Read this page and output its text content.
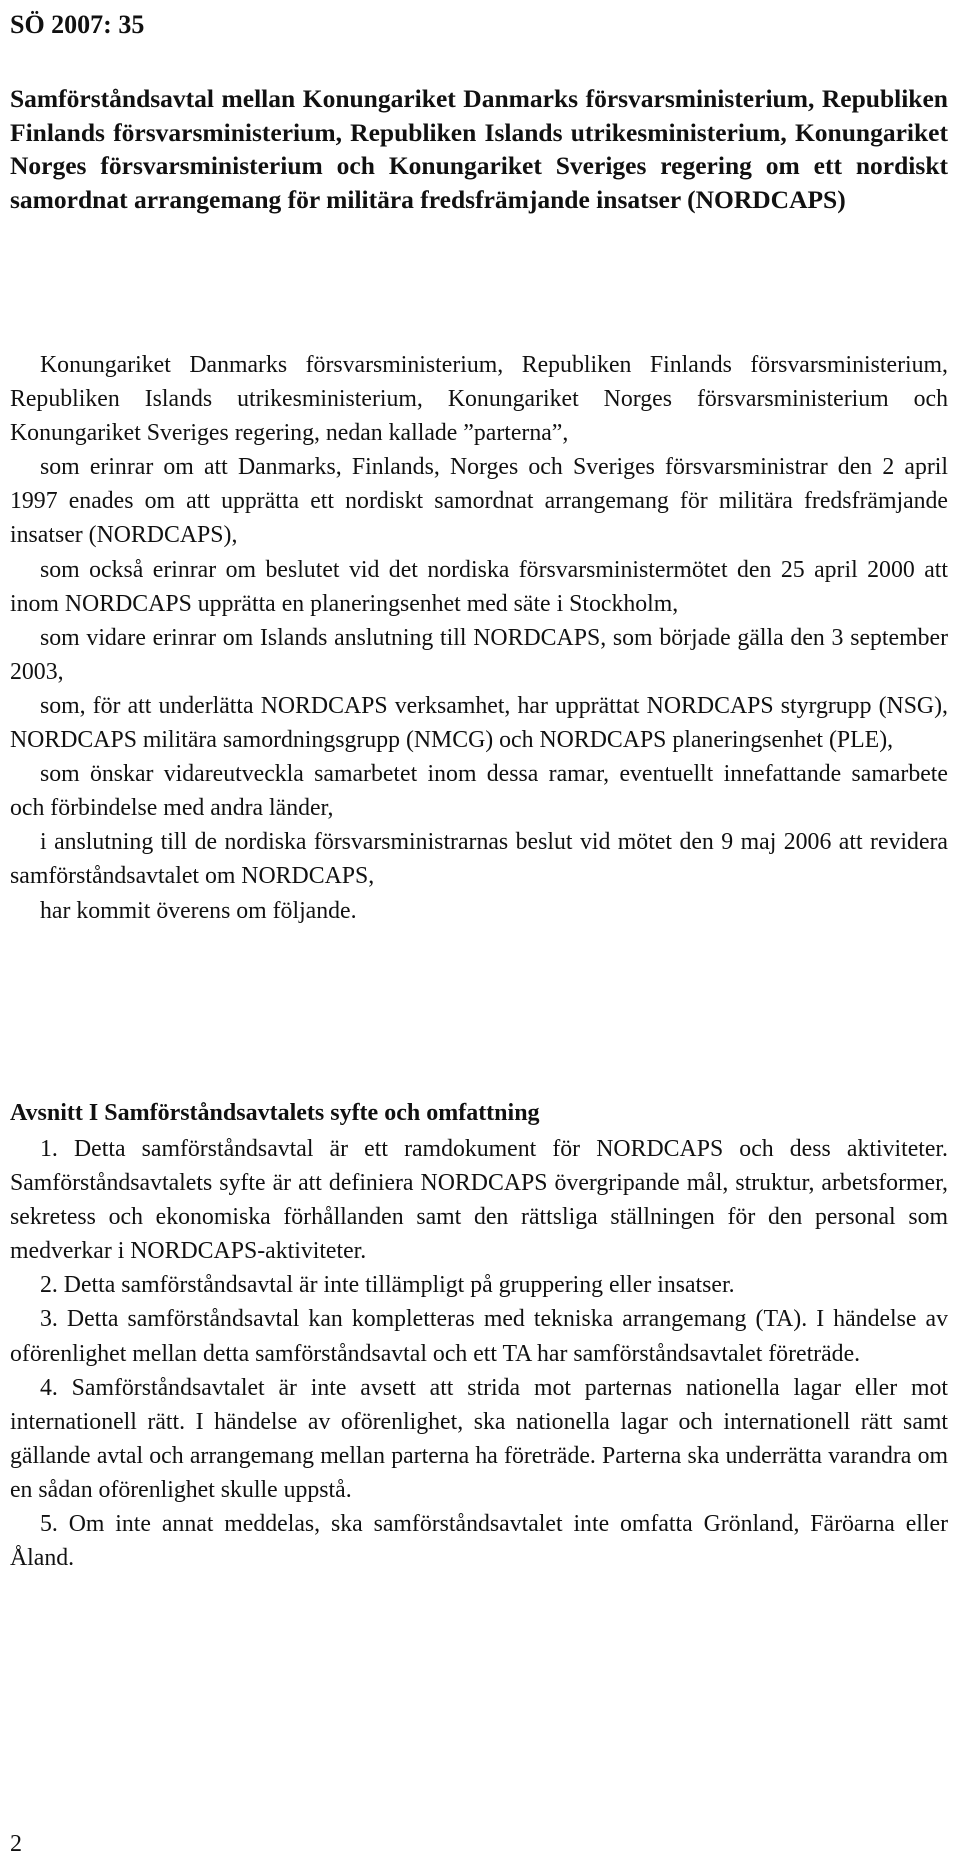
SÖ 2007: 35
Samförståndsavtal mellan Konungariket Danmarks försvarsministerium, Republiken Finlands försvarsministerium, Republiken Islands utrikesministerium, Konungariket Norges försvarsministerium och Konungariket Sveriges regering om ett nordiskt samordnat arrangemang för militära fredsfrämjande insatser (NORDCAPS)

Konungariket Danmarks försvarsministerium, Republiken Finlands försvarsministerium, Republiken Islands utrikesministerium, Konungariket Norges försvarsministerium och Konungariket Sveriges regering, nedan kallade ”parterna”,

som erinrar om att Danmarks, Finlands, Norges och Sveriges försvarsministrar den 2 april 1997 enades om att upprätta ett nordiskt samordnat arrangemang för militära fredsfrämjande insatser (NORDCAPS),

som också erinrar om beslutet vid det nordiska försvarsministermötet den 25 april 2000 att inom NORDCAPS upprätta en planeringsenhet med säte i Stockholm,

som vidare erinrar om Islands anslutning till NORDCAPS, som började gälla den 3 september 2003,

som, för att underlätta NORDCAPS verksamhet, har upprättat NORDCAPS styrgrupp (NSG), NORDCAPS militära samordningsgrupp (NMCG) och NORDCAPS planeringsenhet (PLE),

som önskar vidareutveckla samarbetet inom dessa ramar, eventuellt innefattande samarbete och förbindelse med andra länder,

i anslutning till de nordiska försvarsministrarnas beslut vid mötet den 9 maj 2006 att revidera samförståndsavtalet om NORDCAPS,

har kommit överens om följande.

Avsnitt I Samförståndsavtalets syfte och omfattning

1. Detta samförståndsavtal är ett ramdokument för NORDCAPS och dess aktiviteter. Samförståndsavtalets syfte är att definiera NORDCAPS övergripande mål, struktur, arbetsformer, sekretess och ekonomiska förhållanden samt den rättsliga ställningen för den personal som medverkar i NORDCAPS-aktiviteter.

2. Detta samförståndsavtal är inte tillämpligt på gruppering eller insatser.

3. Detta samförståndsavtal kan kompletteras med tekniska arrangemang (TA). I händelse av oförenlighet mellan detta samförståndsavtal och ett TA har samförståndsavtalet företräde.

4. Samförståndsavtalet är inte avsett att strida mot parternas nationella lagar eller mot internationell rätt. I händelse av oförenlighet, ska nationella lagar och internationell rätt samt gällande avtal och arrangemang mellan parterna ha företräde. Parterna ska underrätta varandra om en sådan oförenlighet skulle uppstå.

5. Om inte annat meddelas, ska samförståndsavtalet inte omfatta Grönland, Färöarna eller Åland.

2
